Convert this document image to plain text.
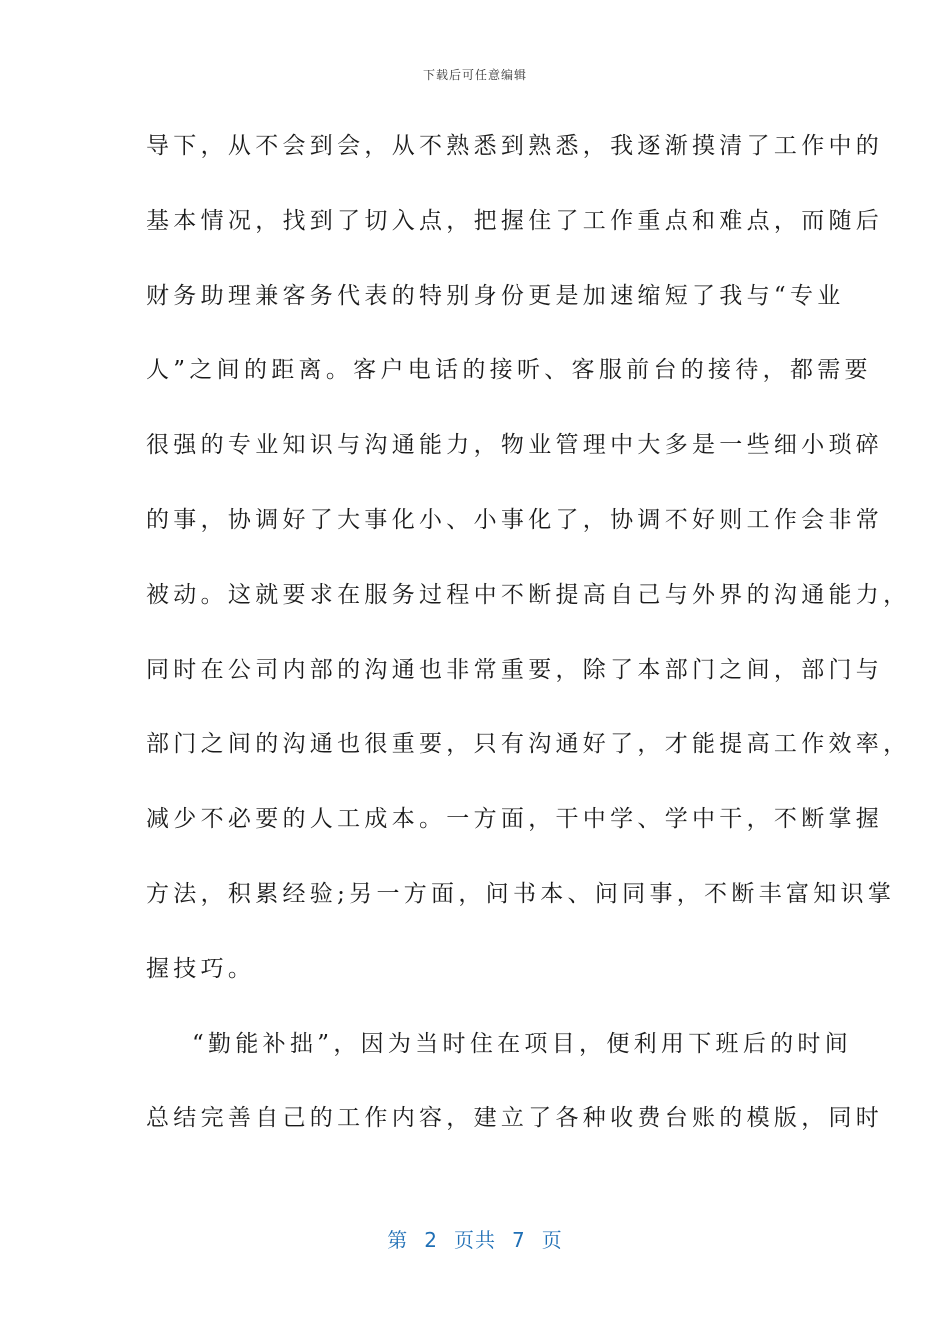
下载后可任意编辑
导下，从不会到会，从不熟悉到熟悉，我逐渐摸清了工作中的
基本情况，找到了切入点，把握住了工作重点和难点，而随后
财务助理兼客务代表的特别身份更是加速缩短了我与“专业
人”之间的距离。客户电话的接听、客服前台的接待，都需要
很强的专业知识与沟通能力，物业管理中大多是一些细小琐碎
的事，协调好了大事化小、小事化了，协调不好则工作会非常
被动。这就要求在服务过程中不断提高自己与外界的沟通能力，
同时在公司内部的沟通也非常重要，除了本部门之间，部门与
部门之间的沟通也很重要，只有沟通好了，才能提高工作效率，
减少不必要的人工成本。一方面，干中学、学中干，不断掌握
方法，积累经验;另一方面，问书本、问同事，不断丰富知识掌
握技巧。
“勤能补拙”，因为当时住在项目，便利用下班后的时间
总结完善自己的工作内容，建立了各种收费台账的模版，同时
第 2 页共 7 页
